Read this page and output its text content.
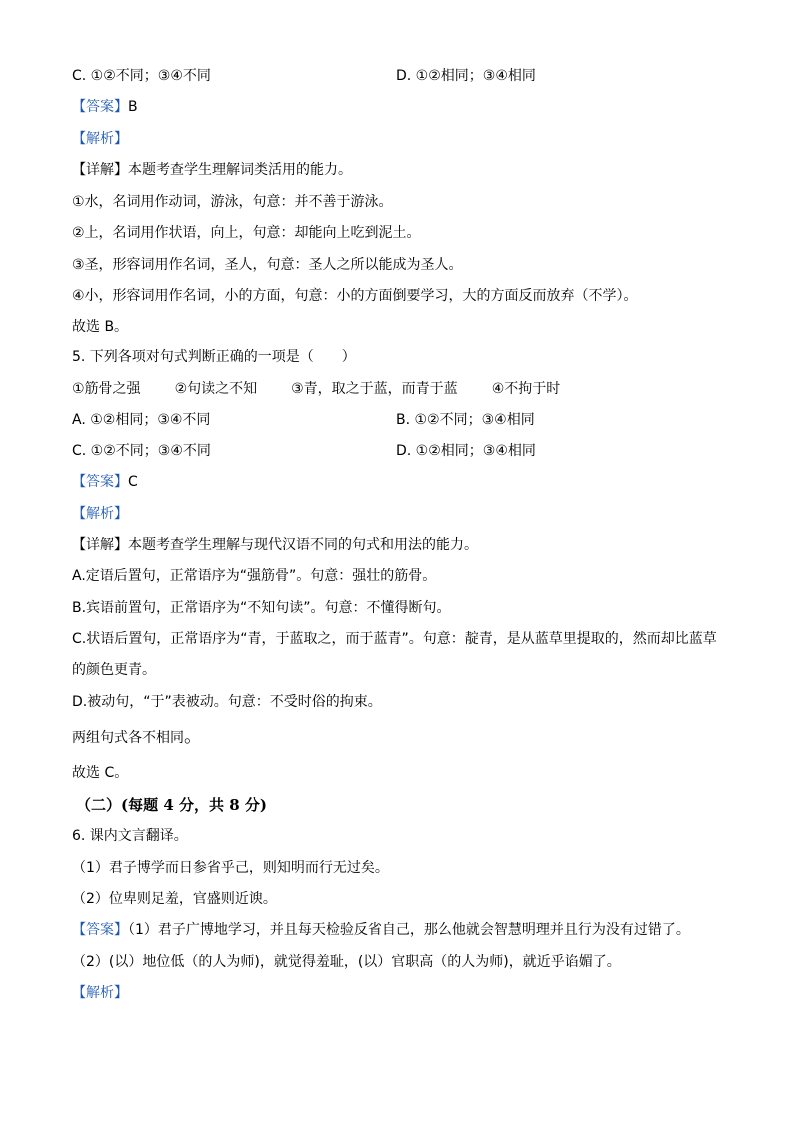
C. ①②不同；③④不同	D. ①②相同；③④相同
【答案】B
【解析】
【详解】本题考查学生理解词类活用的能力。
①水，名词用作动词，游泳，句意：并不善于游泳。
②上，名词用作状语，向上，句意：却能向上吃到泥土。
③圣，形容词用作名词，圣人，句意：圣人之所以能成为圣人。
④小，形容词用作名词，小的方面，句意：小的方面倒要学习，大的方面反而放弃（不学）。
故选 B。
5. 下列各项对句式判断正确的一项是（　　）
①筋骨之强 ②句读之不知 ③青，取之于蓝，而青于蓝 ④不拘于时
A. ①②相同；③④不同	B. ①②不同；③④相同
C. ①②不同；③④不同	D. ①②相同；③④相同
【答案】C
【解析】
【详解】本题考查学生理解与现代汉语不同的句式和用法的能力。
A.定语后置句，正常语序为“强筋骨”。句意：强壮的筋骨。
B.宾语前置句，正常语序为“不知句读”。句意：不懂得断句。
C.状语后置句，正常语序为“青，于蓝取之，而于蓝青”。句意：靛青，是从蓝草里提取的，然而却比蓝草
的颜色更青。
D.被动句，“于”表被动。句意：不受时俗的拘束。
两组句式各不相同。
故选 C。
（二）(每题 4 分，共 8 分)
6. 课内文言翻译。
（1）君子博学而日参省乎己，则知明而行无过矣。
（2）位卑则足羞，官盛则近谀。
【答案】（1）君子广博地学习，并且每天检验反省自己，那么他就会智慧明理并且行为没有过错了。
（2）(以）地位低（的人为师)，就觉得羞耻，(以）官职高（的人为师)，就近乎谄媚了。
【解析】
